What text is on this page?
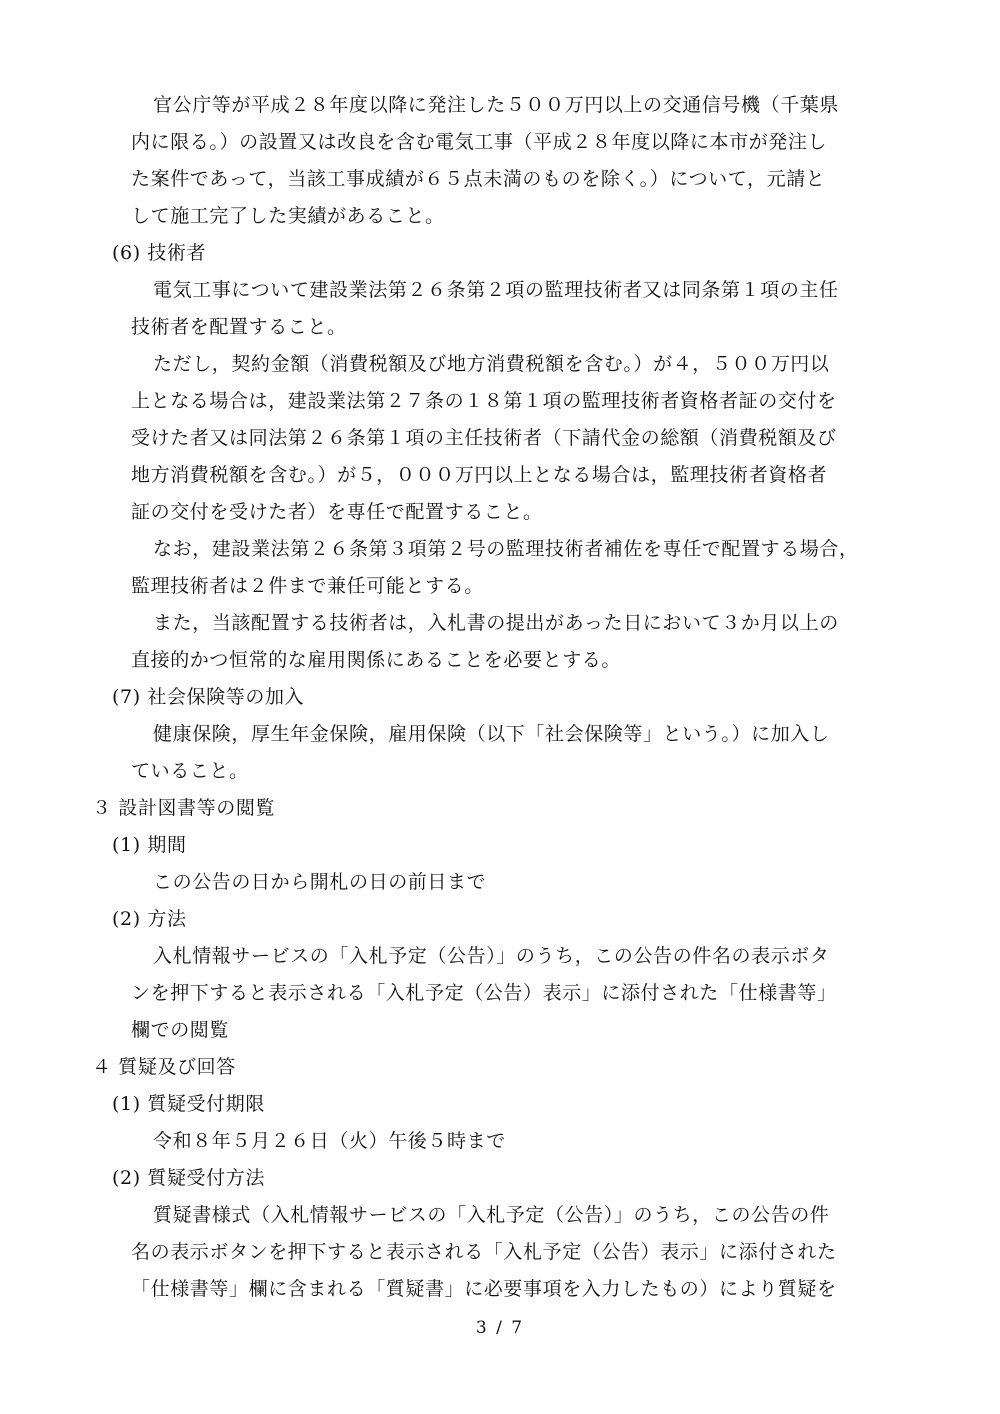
官公庁等が平成２８年度以降に発注した５００万円以上の交通信号機（千葉県
内に限る。）の設置又は改良を含む電気工事（平成２８年度以降に本市が発注し
た案件であって，当該工事成績が６５点未満のものを除く。）について，元請と
して施工完了した実績があること。
(6) 技術者
電気工事について建設業法第２６条第２項の監理技術者又は同条第１項の主任
技術者を配置すること。
ただし，契約金額（消費税額及び地方消費税額を含む。）が４，５００万円以
上となる場合は，建設業法第２７条の１８第１項の監理技術者資格者証の交付を
受けた者又は同法第２６条第１項の主任技術者（下請代金の総額（消費税額及び
地方消費税額を含む。）が５，０００万円以上となる場合は，監理技術者資格者
証の交付を受けた者）を専任で配置すること。
なお，建設業法第２６条第３項第２号の監理技術者補佐を専任で配置する場合，
監理技術者は２件まで兼任可能とする。
また，当該配置する技術者は，入札書の提出があった日において３か月以上の
直接的かつ恒常的な雇用関係にあることを必要とする。
(7) 社会保険等の加入
健康保険，厚生年金保険，雇用保険（以下「社会保険等」という。）に加入し
ていること。
３ 設計図書等の閲覧
(1) 期間
この公告の日から開札の日の前日まで
(2) 方法
入札情報サービスの「入札予定（公告）」のうち，この公告の件名の表示ボタ
ンを押下すると表示される「入札予定（公告）表示」に添付された「仕様書等」
欄での閲覧
４ 質疑及び回答
(1) 質疑受付期限
令和８年５月２６日（火）午後５時まで
(2) 質疑受付方法
質疑書様式（入札情報サービスの「入札予定（公告）」のうち，この公告の件
名の表示ボタンを押下すると表示される「入札予定（公告）表示」に添付された
「仕様書等」欄に含まれる「質疑書」に必要事項を入力したもの）により質疑を
3 / 7
